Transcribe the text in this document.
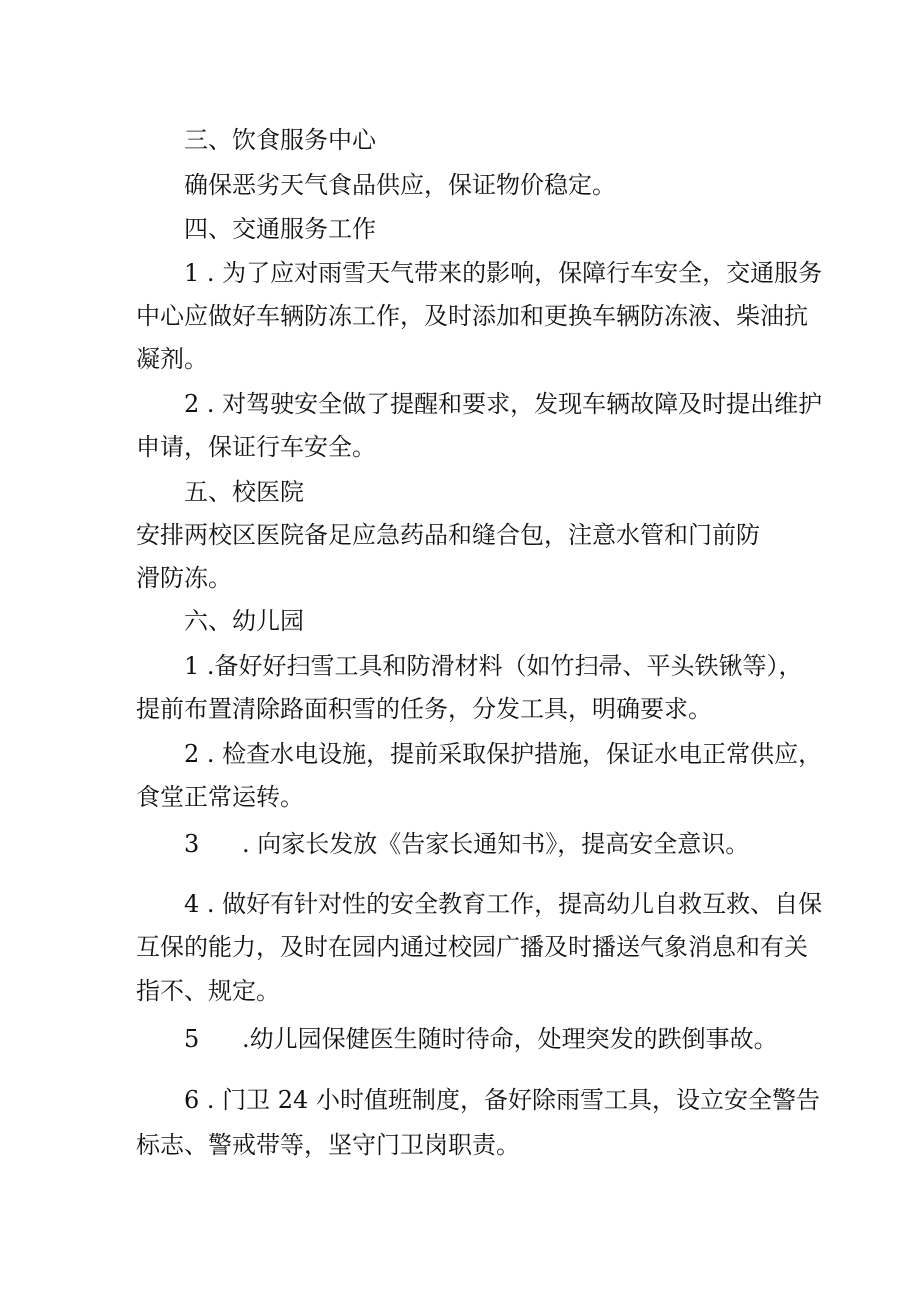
三、饮食服务中心
确保恶劣天气食品供应，保证物价稳定。
四、交通服务工作
1 . 为了应对雨雪天气带来的影响，保障行车安全，交通服务
中心应做好车辆防冻工作，及时添加和更换车辆防冻液、柴油抗
凝剂。
2 . 对驾驶安全做了提醒和要求，发现车辆故障及时提出维护
申请，保证行车安全。
五、校医院
安排两校区医院备足应急药品和缝合包，注意水管和门前防
滑防冻。
六、幼儿园
1 .备好好扫雪工具和防滑材料（如竹扫帚、平头铁锹等），
提前布置清除路面积雪的任务，分发工具，明确要求。
2 . 检查水电设施，提前采取保护措施，保证水电正常供应，
食堂正常运转。
3 . 向家长发放《告家长通知书》，提高安全意识。
4 . 做好有针对性的安全教育工作，提高幼儿自救互救、自保
互保的能力，及时在园内通过校园广播及时播送气象消息和有关
指不、规定。
5 .幼儿园保健医生随时待命，处理突发的跌倒事故。
6 . 门卫 24 小时值班制度，备好除雨雪工具，设立安全警告
标志、警戒带等，坚守门卫岗职责。
